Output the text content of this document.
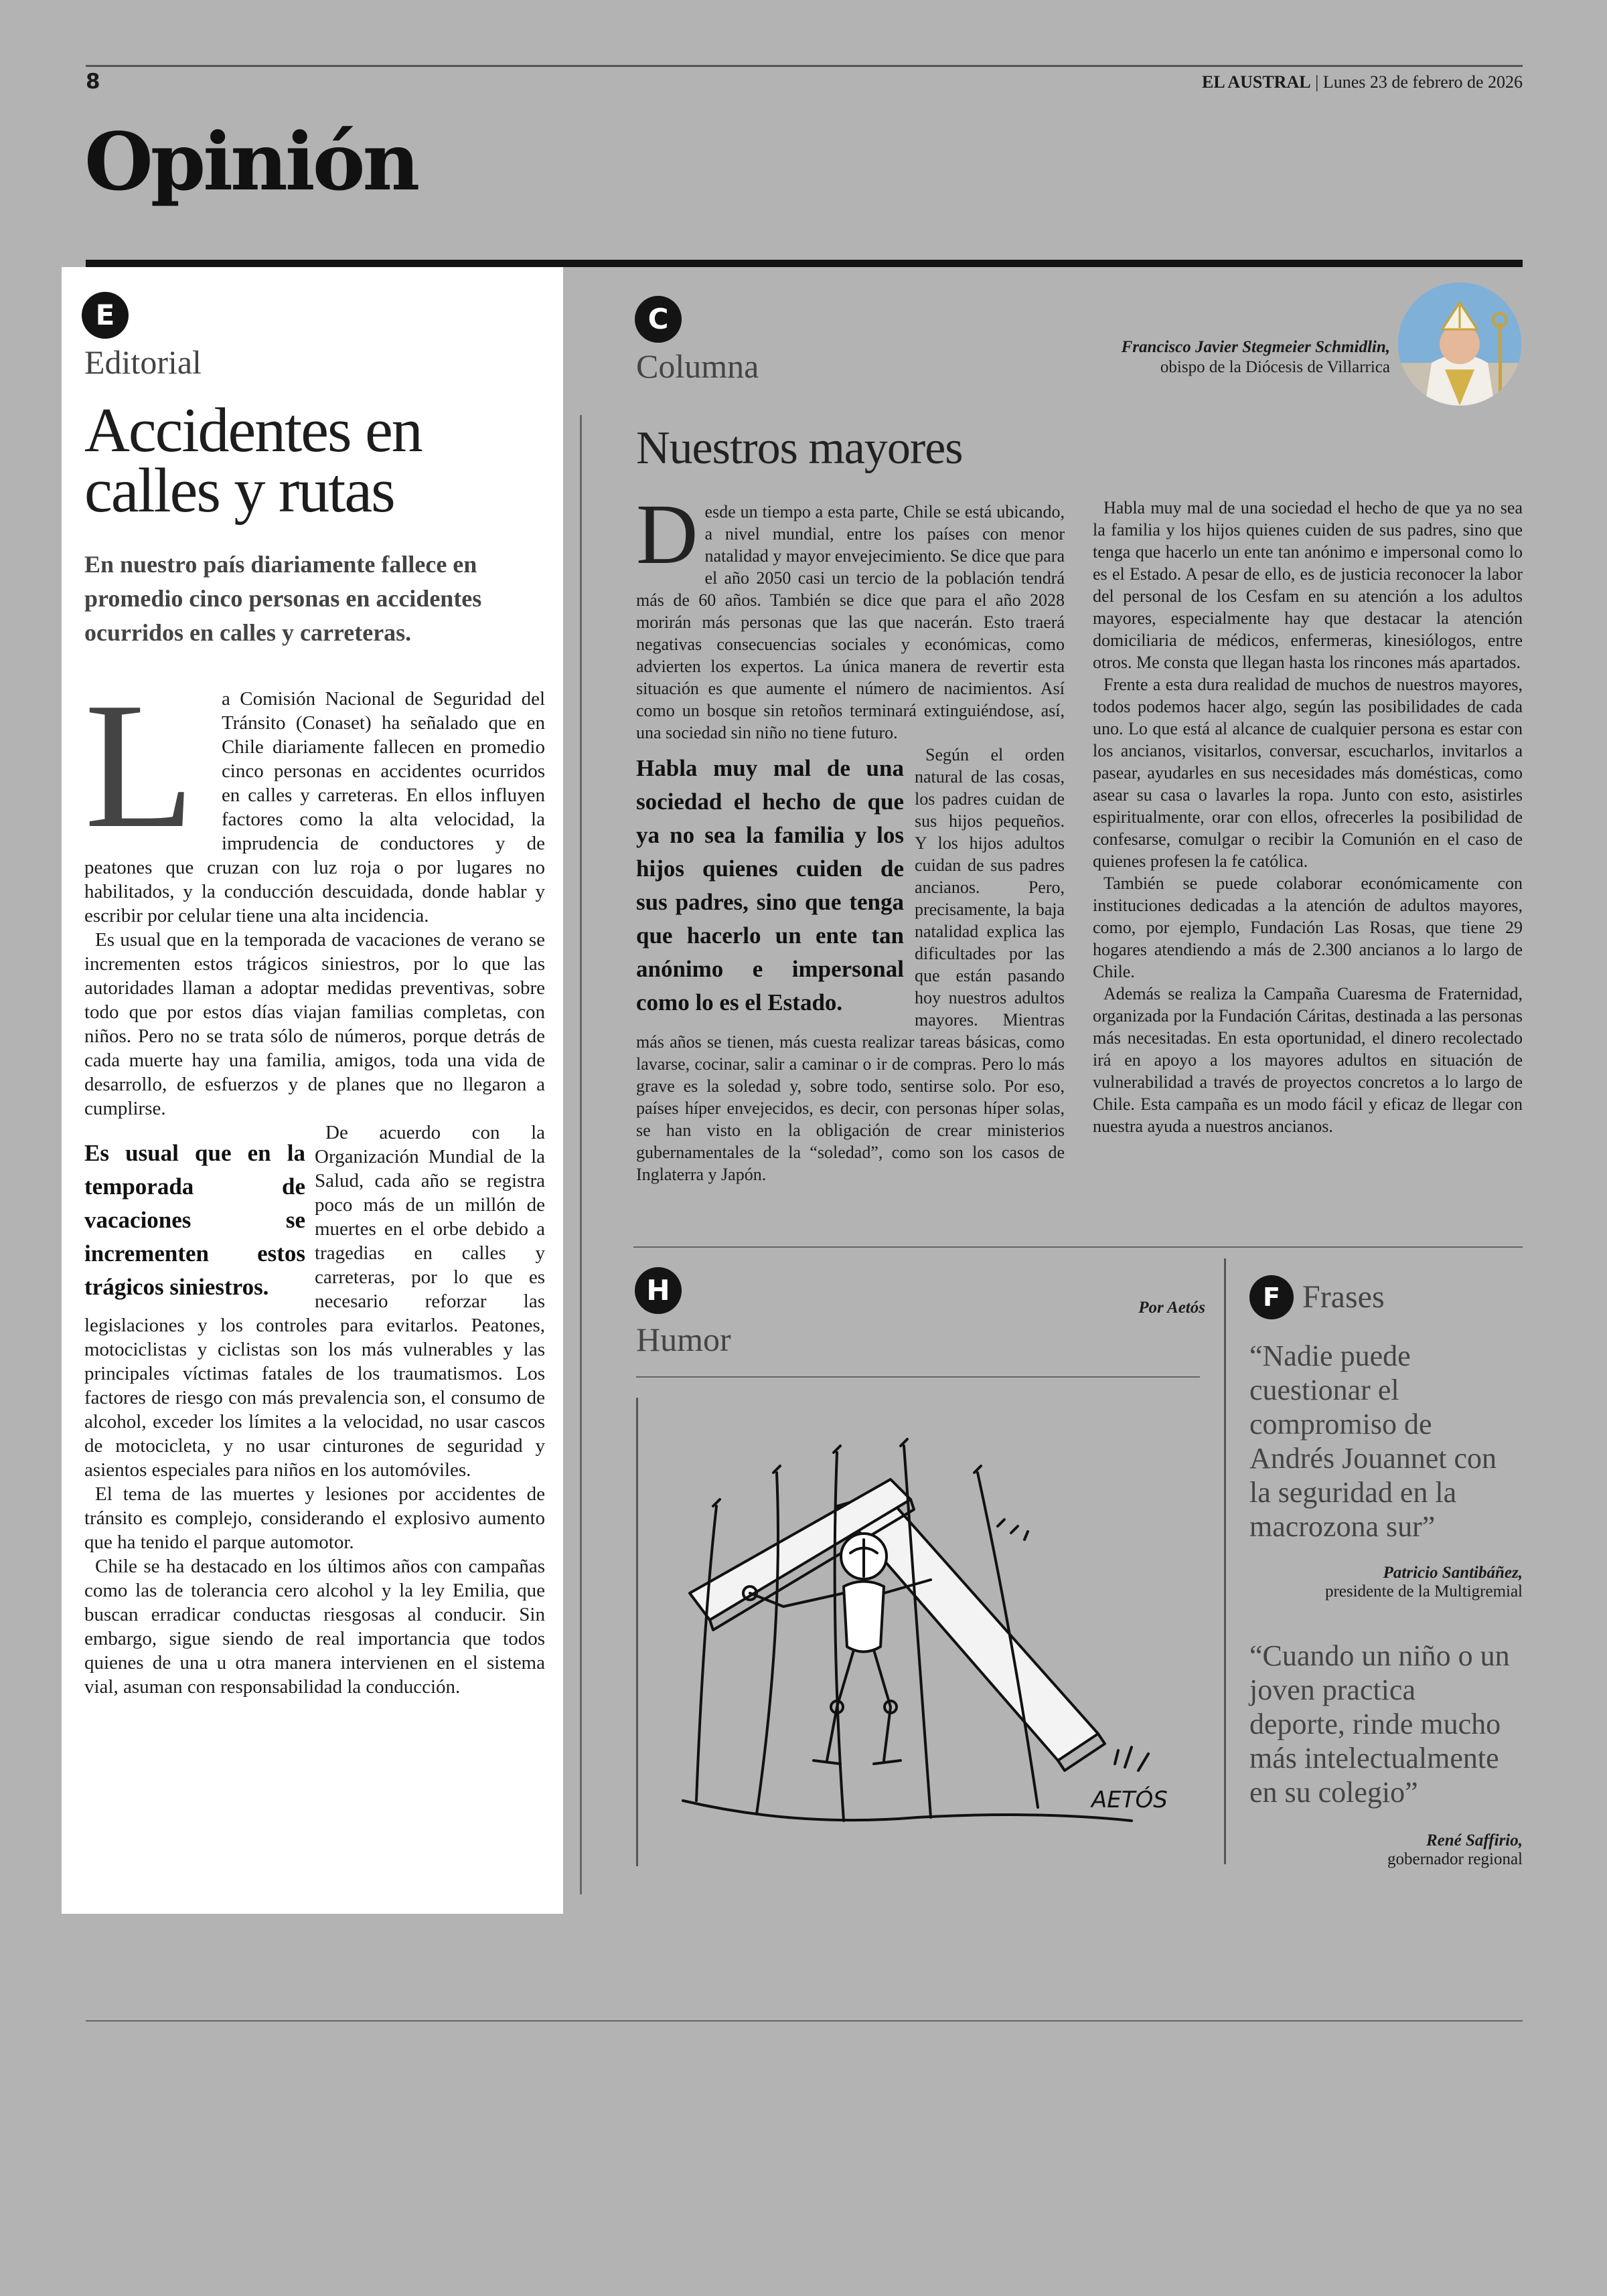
8	EL AUSTRAL | Lunes 23 de febrero de 2026
Opinión
E
Editorial
Accidentes en calles y rutas
En nuestro país diariamente fallece en promedio cinco personas en accidentes ocurridos en calles y carreteras.
L	a Comisión Nacional de Seguridad del Tránsito (Conaset) ha señalado que en Chile diariamente fallecen en promedio cinco personas en accidentes ocurridos en calles y carreteras. En ellos influyen factores como la alta velocidad, la imprudencia de conductores y de peatones que cruzan con luz roja o por lugares no habilitados, y la conducción descuidada, donde hablar y escribir por celular tiene una alta incidencia.

Es usual que en la temporada de vacaciones de verano se incrementen estos trágicos siniestros, por lo que las autoridades llaman a adoptar medidas preventivas, sobre todo que por estos días viajan familias completas, con niños. Pero no se trata sólo de números, porque detrás de cada muerte hay una familia, amigos, toda una vida de desarrollo, de esfuerzos y de planes que no llegaron a cumplirse.

Es usual que en la temporada de vacaciones se incrementen estos trágicos siniestros.

De acuerdo con la Organización Mundial de la Salud, cada año se registra poco más de un millón de muertes en el orbe debido a tragedias en calles y carreteras, por lo que es necesario reforzar las legislaciones y los controles para evitarlos. Peatones, motociclistas y ciclistas son los más vulnerables y las principales víctimas fatales de los traumatismos. Los factores de riesgo con más prevalencia son, el consumo de alcohol, exceder los límites a la velocidad, no usar cascos de motocicleta, y no usar cinturones de seguridad y asientos especiales para niños en los automóviles.

El tema de las muertes y lesiones por accidentes de tránsito es complejo, considerando el explosivo aumento que ha tenido el parque automotor.

Chile se ha destacado en los últimos años con campañas como las de tolerancia cero alcohol y la ley Emilia, que buscan erradicar conductas riesgosas al conducir. Sin embargo, sigue siendo de real importancia que todos quienes de una u otra manera intervienen en el sistema vial, asuman con responsabilidad la conducción.

C
Columna
Francisco Javier Stegmeier Schmidlin,
obispo de la Diócesis de Villarrica
Nuestros mayores
D esde un tiempo a esta parte, Chile se está ubicando, a nivel mundial, entre los países con menor natalidad y mayor envejecimiento. Se dice que para el año 2050 casi un tercio de la población tendrá más de 60 años. También se dice que para el año 2028 morirán más personas que las que nacerán. Esto traerá negativas consecuencias sociales y económicas, como advierten los expertos. La única manera de revertir esta situación es que aumente el número de nacimientos. Así como un bosque sin retoños terminará extinguiéndose, así, una sociedad sin niño no tiene futuro.

Habla muy mal de una sociedad el hecho de que ya no sea la familia y los hijos quienes cuiden de sus padres, sino que tenga que hacerlo un ente tan anónimo e impersonal como lo es el Estado.

Según el orden natural de las cosas, los padres cuidan de sus hijos pequeños. Y los hijos adultos cuidan de sus padres ancianos. Pero, precisamente, la baja natalidad explica las dificultades por las que están pasando hoy nuestros adultos mayores. Mientras más años se tienen, más cuesta realizar tareas básicas, como lavarse, cocinar, salir a caminar o ir de compras. Pero lo más grave es la soledad y, sobre todo, sentirse solo. Por eso, países híper envejecidos, es decir, con personas híper solas, se han visto en la obligación de crear ministerios gubernamentales de la “soledad”, como son los casos de Inglaterra y Japón.

Habla muy mal de una sociedad el hecho de que ya no sea la familia y los hijos quienes cuiden de sus padres, sino que tenga que hacerlo un ente tan anónimo e impersonal como lo es el Estado. A pesar de ello, es de justicia reconocer la labor del personal de los Cesfam en su atención a los adultos mayores, especialmente hay que destacar la atención domiciliaria de médicos, enfermeras, kinesiólogos, entre otros. Me consta que llegan hasta los rincones más apartados.

Frente a esta dura realidad de muchos de nuestros mayores, todos podemos hacer algo, según las posibilidades de cada uno. Lo que está al alcance de cualquier persona es estar con los ancianos, visitarlos, conversar, escucharlos, invitarlos a pasear, ayudarles en sus necesidades más domésticas, como asear su casa o lavarles la ropa. Junto con esto, asistirles espiritualmente, orar con ellos, ofrecerles la posibilidad de confesarse, comulgar o recibir la Comunión en el caso de quienes profesen la fe católica.

También se puede colaborar económicamente con instituciones dedicadas a la atención de adultos mayores, como, por ejemplo, Fundación Las Rosas, que tiene 29 hogares atendiendo a más de 2.300 ancianos a lo largo de Chile.

Además se realiza la Campaña Cuaresma de Fraternidad, organizada por la Fundación Cáritas, destinada a las personas más necesitadas. En esta oportunidad, el dinero recolectado irá en apoyo a los mayores adultos en situación de vulnerabilidad a través de proyectos concretos a lo largo de Chile. Esta campaña es un modo fácil y eficaz de llegar con nuestra ayuda a nuestros ancianos.

H
Humor
Por Aetós
AETÓS
F Frases
“Nadie puede cuestionar el compromiso de Andrés Jouannet con la seguridad en la macrozona sur”
Patricio Santibáñez,
presidente de la Multigremial
“Cuando un niño o un joven practica deporte, rinde mucho más intelectualmente en su colegio”
René Saffirio,
gobernador regional
